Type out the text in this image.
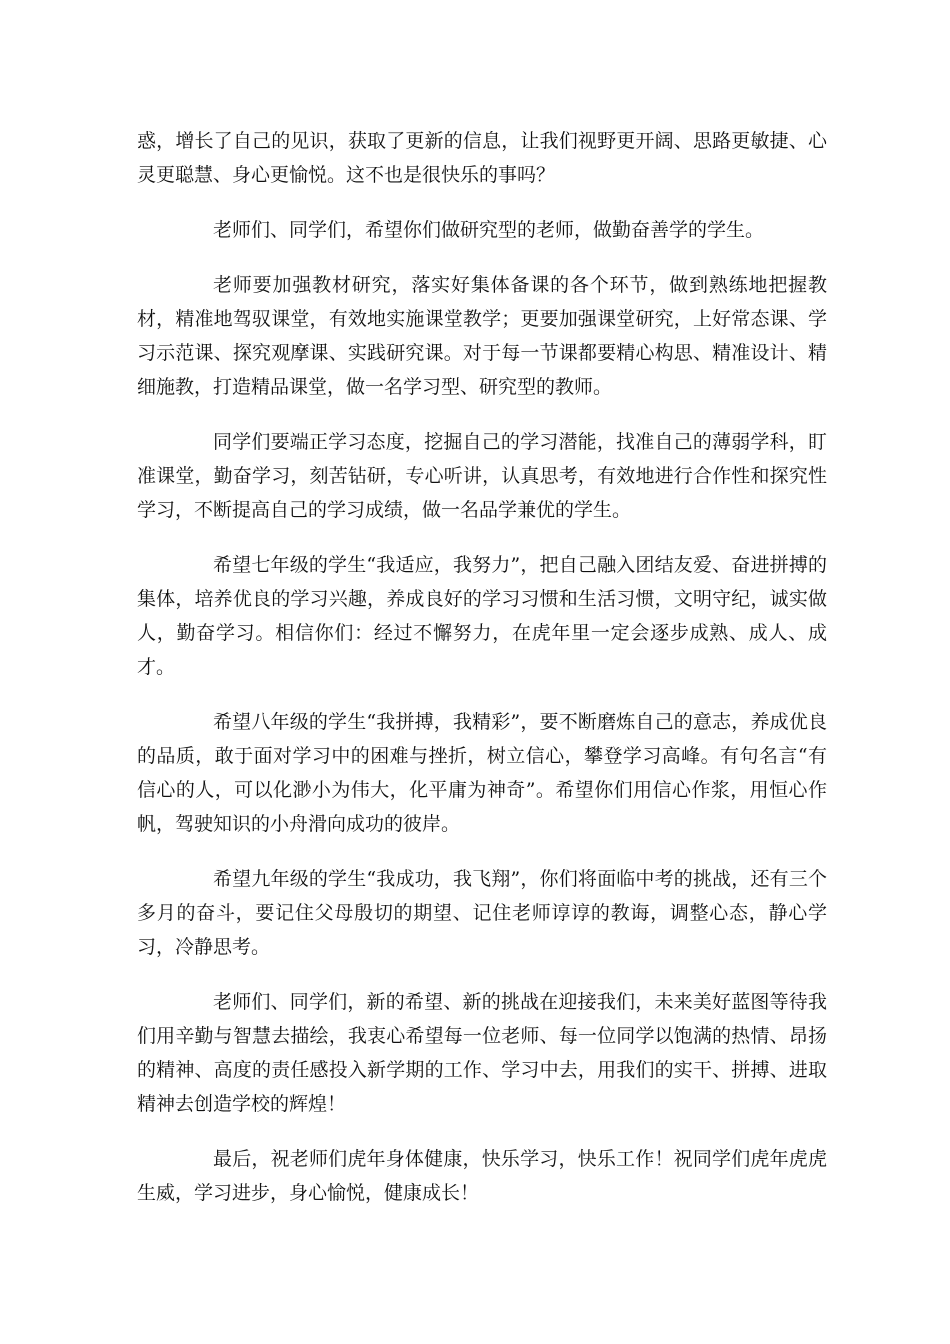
惑，增长了自己的见识，获取了更新的信息，让我们视野更开阔、思路更敏捷、心灵更聪慧、身心更愉悦。这不也是很快乐的事吗？

老师们、同学们，希望你们做研究型的老师，做勤奋善学的学生。

老师要加强教材研究，落实好集体备课的各个环节，做到熟练地把握教材，精准地驾驭课堂，有效地实施课堂教学；更要加强课堂研究，上好常态课、学习示范课、探究观摩课、实践研究课。对于每一节课都要精心构思、精准设计、精细施教，打造精品课堂，做一名学习型、研究型的教师。

同学们要端正学习态度，挖掘自己的学习潜能，找准自己的薄弱学科，盯准课堂，勤奋学习，刻苦钻研，专心听讲，认真思考，有效地进行合作性和探究性学习，不断提高自己的学习成绩，做一名品学兼优的学生。

希望七年级的学生“我适应，我努力”，把自己融入团结友爱、奋进拼搏的集体，培养优良的学习兴趣，养成良好的学习习惯和生活习惯，文明守纪，诚实做人，勤奋学习。相信你们：经过不懈努力，在虎年里一定会逐步成熟、成人、成才。

希望八年级的学生“我拼搏，我精彩”，要不断磨炼自己的意志，养成优良的品质，敢于面对学习中的困难与挫折，树立信心，攀登学习高峰。有句名言“有信心的人，可以化渺小为伟大，化平庸为神奇”。希望你们用信心作浆，用恒心作帆，驾驶知识的小舟滑向成功的彼岸。

希望九年级的学生“我成功，我飞翔”，你们将面临中考的挑战，还有三个多月的奋斗，要记住父母殷切的期望、记住老师谆谆的教诲，调整心态，静心学习，冷静思考。

老师们、同学们，新的希望、新的挑战在迎接我们，未来美好蓝图等待我们用辛勤与智慧去描绘，我衷心希望每一位老师、每一位同学以饱满的热情、昂扬的精神、高度的责任感投入新学期的工作、学习中去，用我们的实干、拼搏、进取精神去创造学校的辉煌！

最后，祝老师们虎年身体健康，快乐学习，快乐工作！祝同学们虎年虎虎生威，学习进步，身心愉悦，健康成长！
